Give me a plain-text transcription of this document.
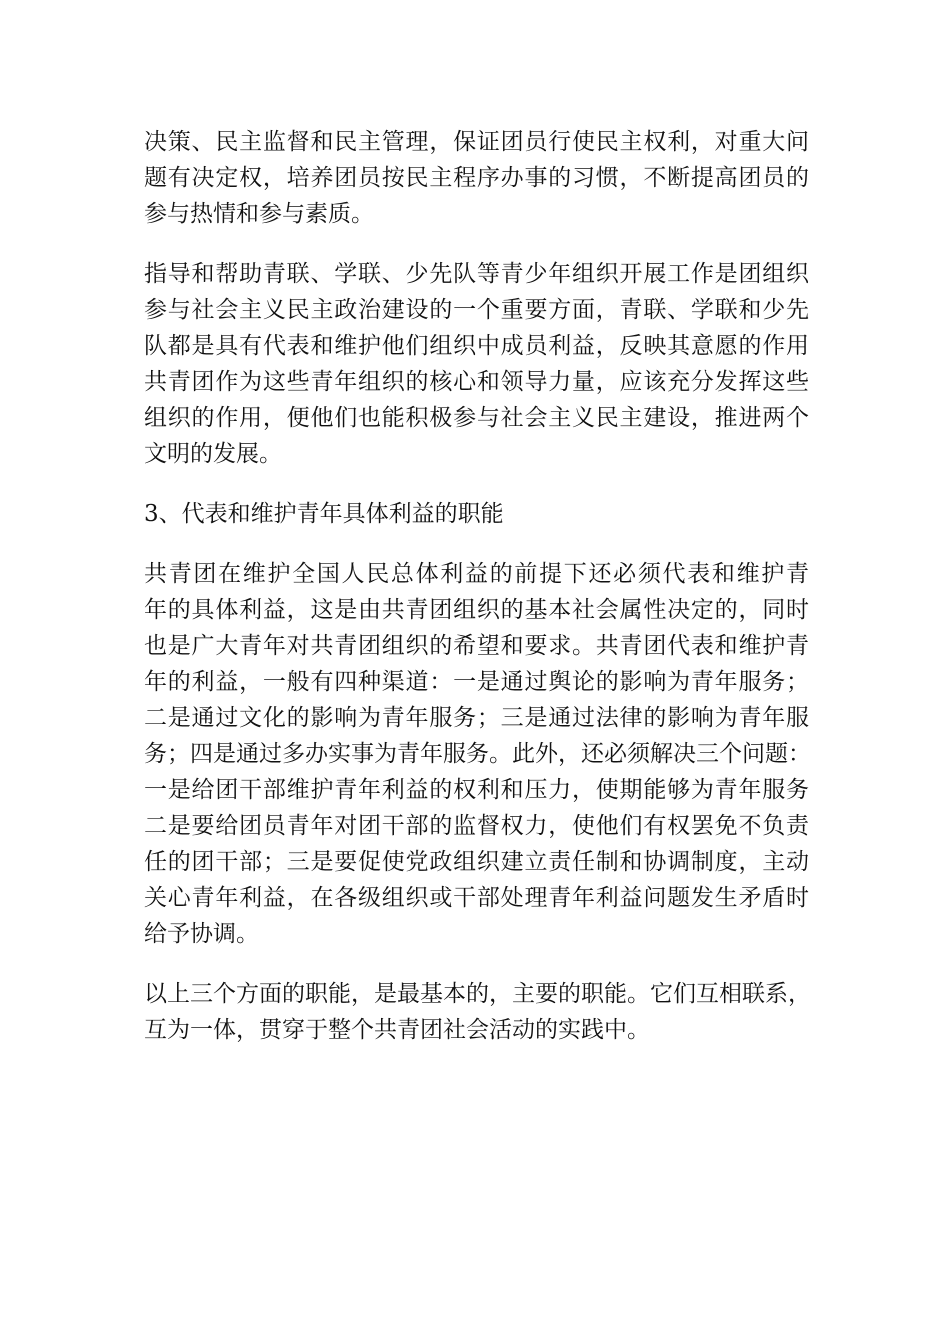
决策、民主监督和民主管理，保证团员行使民主权利，对重大问
题有决定权，培养团员按民主程序办事的习惯，不断提高团员的
参与热情和参与素质。
指导和帮助青联、学联、少先队等青少年组织开展工作是团组织
参与社会主义民主政治建设的一个重要方面，青联、学联和少先
队都是具有代表和维护他们组织中成员利益，反映其意愿的作用
共青团作为这些青年组织的核心和领导力量，应该充分发挥这些
组织的作用，便他们也能积极参与社会主义民主建设，推进两个
文明的发展。
3、代表和维护青年具体利益的职能
共青团在维护全国人民总体利益的前提下还必须代表和维护青
年的具体利益，这是由共青团组织的基本社会属性决定的，同时
也是广大青年对共青团组织的希望和要求。共青团代表和维护青
年的利益，一般有四种渠道：一是通过舆论的影响为青年服务；
二是通过文化的影响为青年服务；三是通过法律的影响为青年服
务；四是通过多办实事为青年服务。此外，还必须解决三个问题：
一是给团干部维护青年利益的权利和压力，使期能够为青年服务
二是要给团员青年对团干部的监督权力，使他们有权罢免不负责
任的团干部；三是要促使党政组织建立责任制和协调制度，主动
关心青年利益，在各级组织或干部处理青年利益问题发生矛盾时
给予协调。
以上三个方面的职能，是最基本的，主要的职能。它们互相联系，
互为一体，贯穿于整个共青团社会活动的实践中。
